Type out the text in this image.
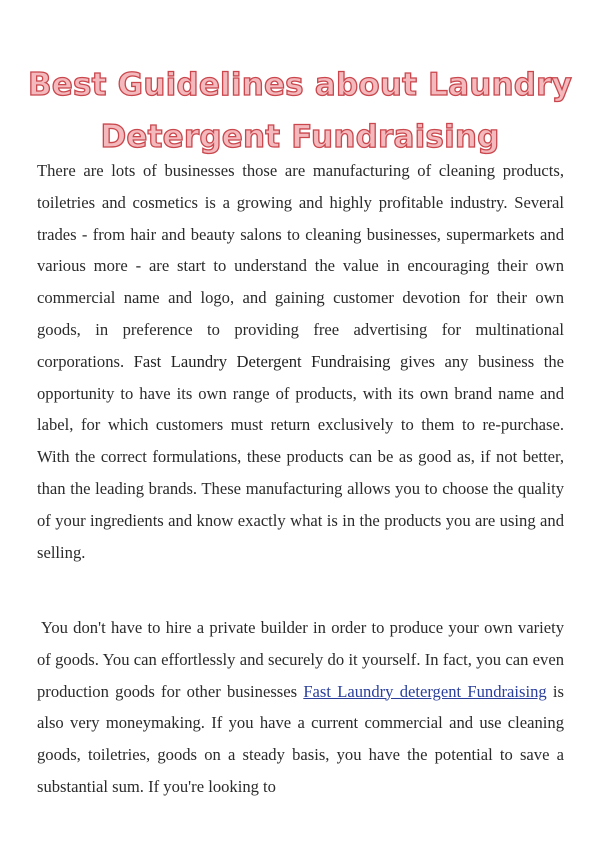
Best Guidelines about Laundry
Detergent Fundraising

There are lots of businesses those are manufacturing of cleaning products, toiletries and cosmetics is a growing and highly profitable industry. Several trades - from hair and beauty salons to cleaning businesses, supermarkets and various more - are start to understand the value in encouraging their own commercial name and logo, and gaining customer devotion for their own goods, in preference to providing free advertising for multinational corporations. Fast Laundry Detergent Fundraising gives any business the opportunity to have its own range of products, with its own brand name and label, for which customers must return exclusively to them to re-purchase. With the correct formulations, these products can be as good as, if not better, than the leading brands. These manufacturing allows you to choose the quality of your ingredients and know exactly what is in the products you are using and selling.

You don't have to hire a private builder in order to produce your own variety of goods. You can effortlessly and securely do it yourself. In fact, you can even production goods for other businesses Fast Laundry detergent Fundraising is also very moneymaking. If you have a current commercial and use cleaning goods, toiletries, goods on a steady basis, you have the potential to save a substantial sum. If you're looking to
